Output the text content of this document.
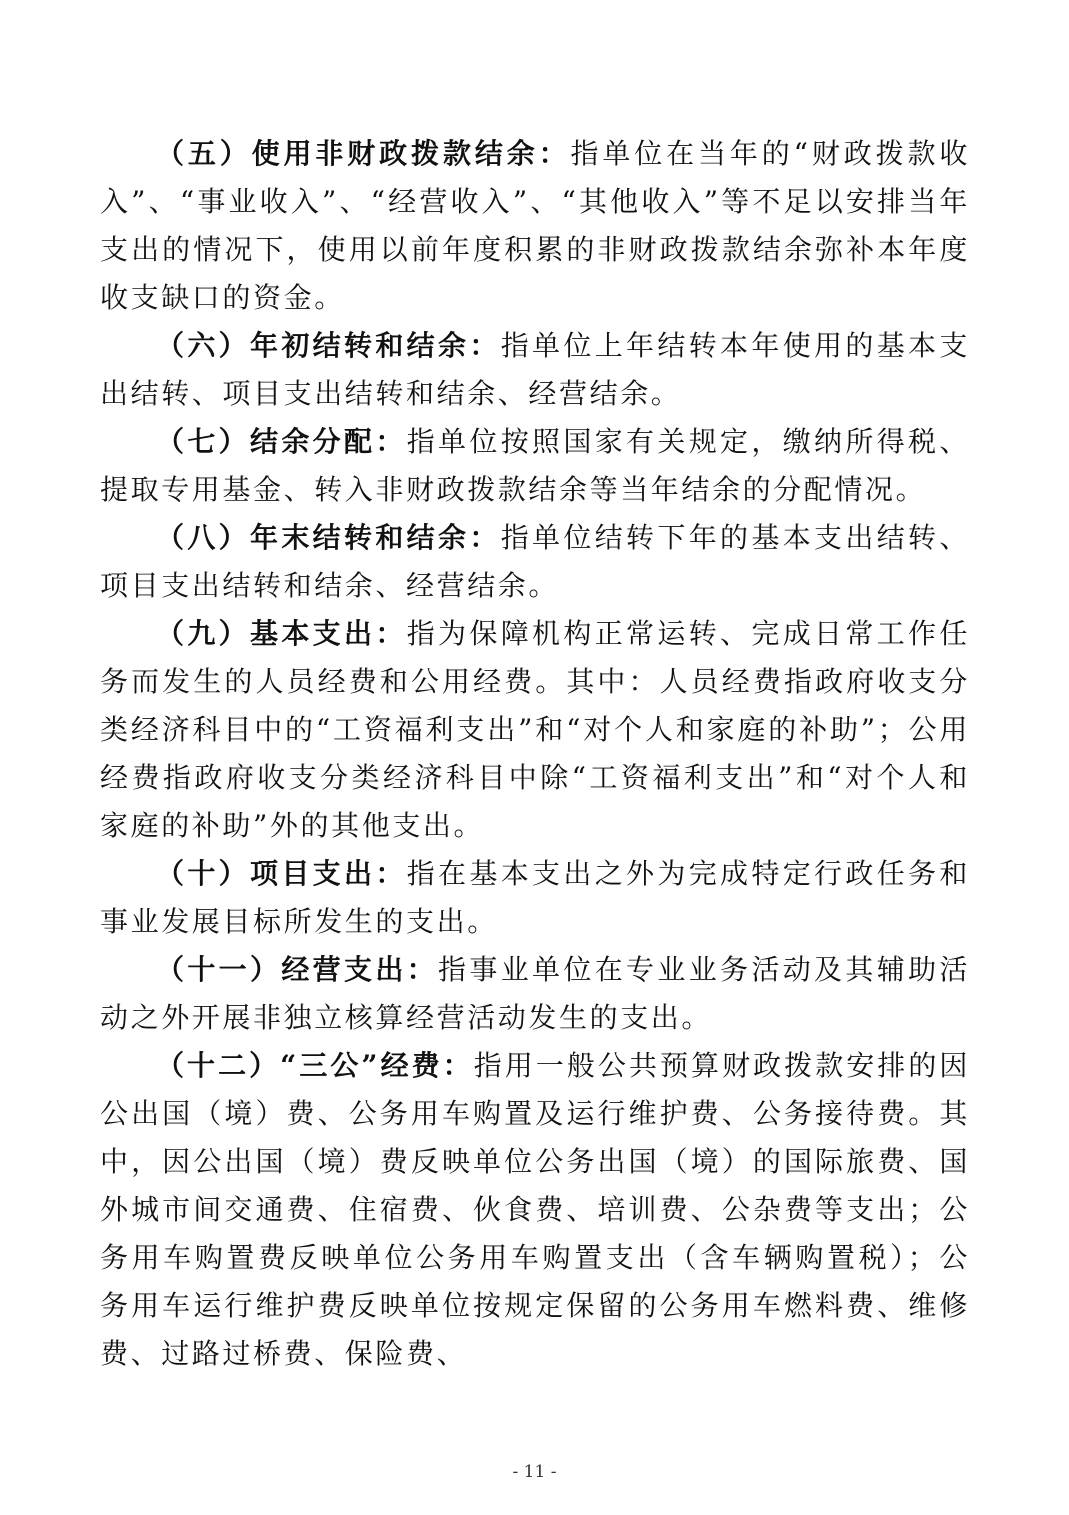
（五）使用非财政拨款结余：指单位在当年的“财政拨款收入”、“事业收入”、“经营收入”、“其他收入”等不足以安排当年支出的情况下，使用以前年度积累的非财政拨款结余弥补本年度收支缺口的资金。

（六）年初结转和结余：指单位上年结转本年使用的基本支出结转、项目支出结转和结余、经营结余。

（七）结余分配：指单位按照国家有关规定，缴纳所得税、提取专用基金、转入非财政拨款结余等当年结余的分配情况。

（八）年末结转和结余：指单位结转下年的基本支出结转、项目支出结转和结余、经营结余。

（九）基本支出：指为保障机构正常运转、完成日常工作任务而发生的人员经费和公用经费。其中：人员经费指政府收支分类经济科目中的“工资福利支出”和“对个人和家庭的补助”；公用经费指政府收支分类经济科目中除“工资福利支出”和“对个人和家庭的补助”外的其他支出。

（十）项目支出：指在基本支出之外为完成特定行政任务和事业发展目标所发生的支出。

（十一）经营支出：指事业单位在专业业务活动及其辅助活动之外开展非独立核算经营活动发生的支出。

（十二）“三公”经费：指用一般公共预算财政拨款安排的因公出国（境）费、公务用车购置及运行维护费、公务接待费。其中，因公出国（境）费反映单位公务出国（境）的国际旅费、国外城市间交通费、住宿费、伙食费、培训费、公杂费等支出；公务用车购置费反映单位公务用车购置支出（含车辆购置税）；公务用车运行维护费反映单位按规定保留的公务用车燃料费、维修费、过路过桥费、保险费、

- 11 -
